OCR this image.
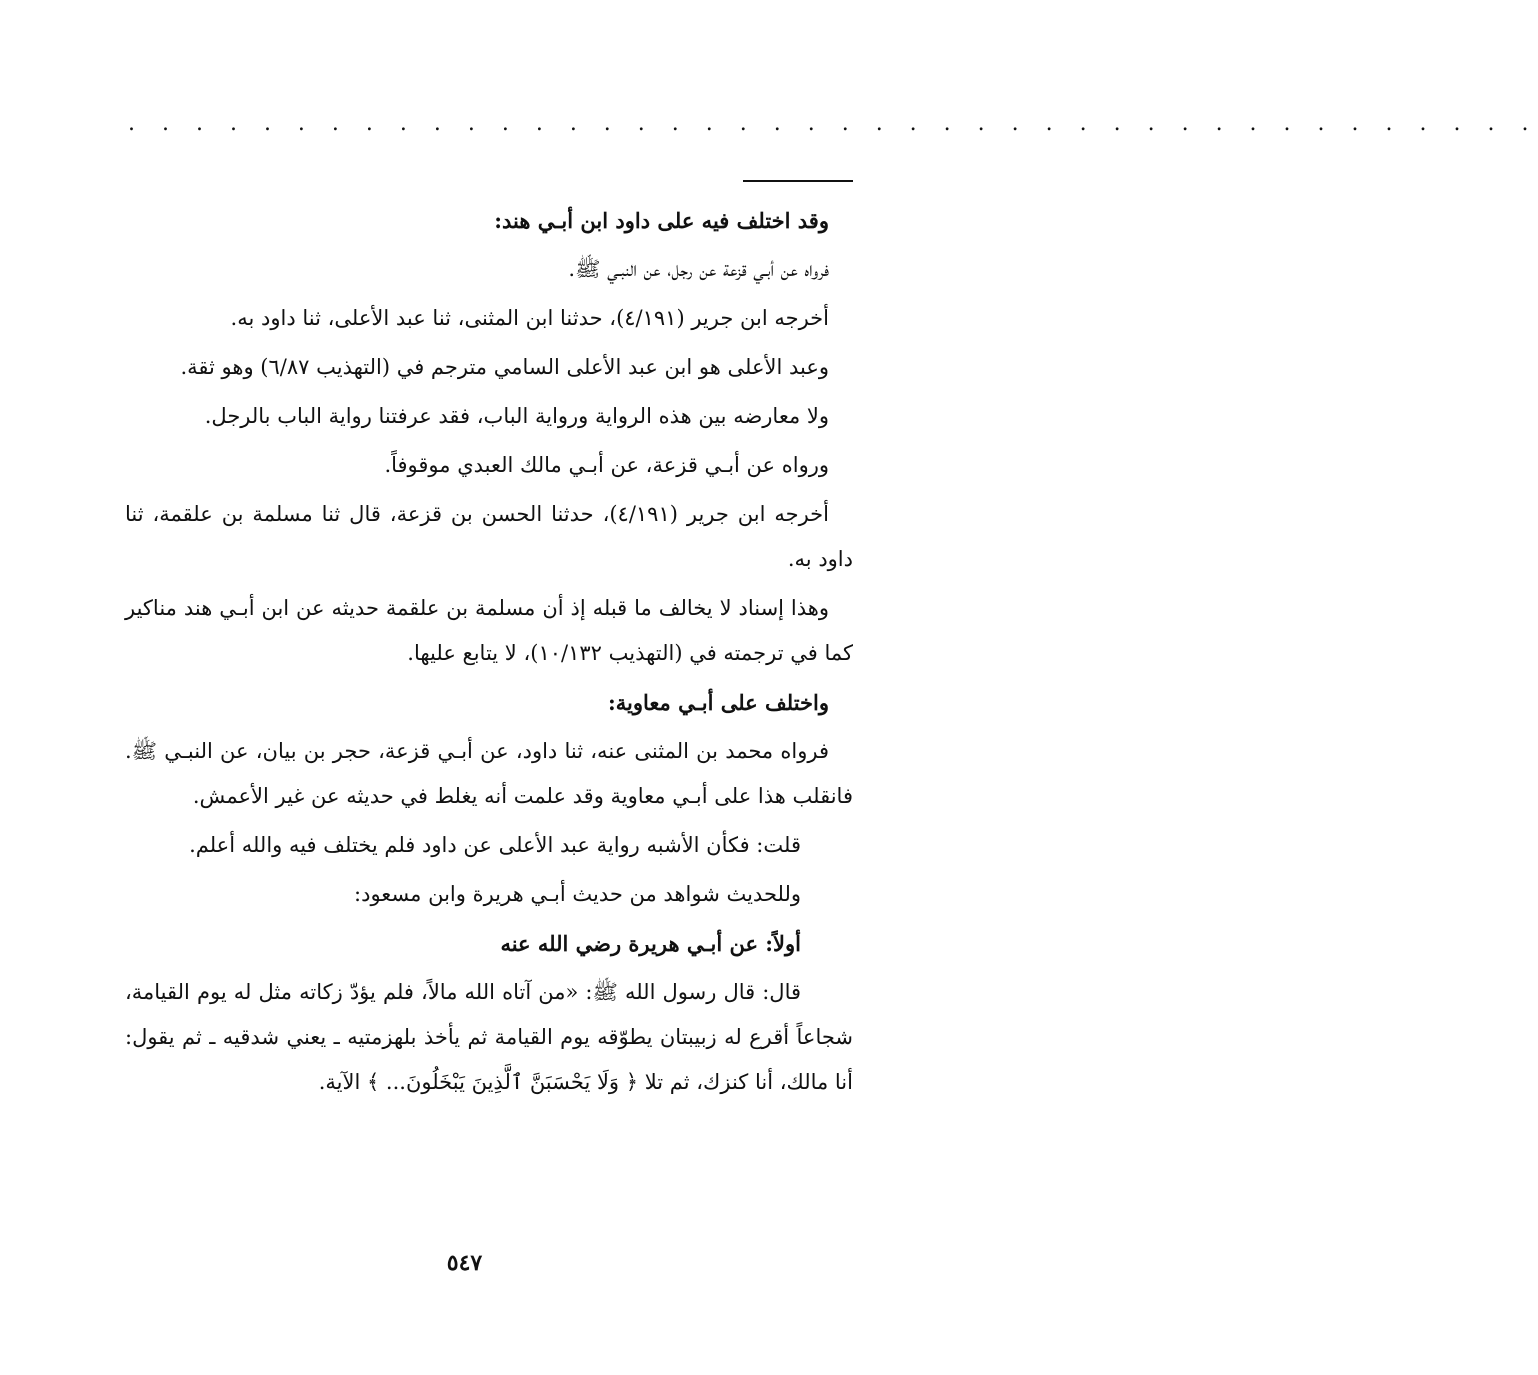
. . . . . . . . . . . . . . . . . . . . . . . . . . . . . . . . . . . . . . . . . .

وقد اختلف فيه على داود ابن أبـي هند:

فرواه عن أبـي قزعة عن رجل، عن النبـي ﷺ.

أخرجه ابن جرير (٤/١٩١)، حدثنا ابن المثنى، ثنا عبد الأعلى، ثنا داود به.

وعبد الأعلى هو ابن عبد الأعلى السامي مترجم في (التهذيب ٦/٨٧) وهو ثقة.

ولا معارضه بين هذه الرواية ورواية الباب، فقد عرفتنا رواية الباب بالرجل.

ورواه عن أبـي قزعة، عن أبـي مالك العبدي موقوفاً.

أخرجه ابن جرير (٤/١٩١)، حدثنا الحسن بن قزعة، قال ثنا مسلمة بن علقمة، ثنا داود به.

وهذا إسناد لا يخالف ما قبله إذ أن مسلمة بن علقمة حديثه عن ابن أبـي هند مناكير كما في ترجمته في (التهذيب ١٠/١٣٢)، لا يتابع عليها.

واختلف على أبـي معاوية:

فرواه محمد بن المثنى عنه، ثنا داود، عن أبـي قزعة، حجر بن بيان، عن النبـي ﷺ. فانقلب هذا على أبـي معاوية وقد علمت أنه يغلط في حديثه عن غير الأعمش.

قلت: فكأن الأشبه رواية عبد الأعلى عن داود فلم يختلف فيه والله أعلم.

وللحديث شواهد من حديث أبـي هريرة وابن مسعود:

أولاً: عن أبـي هريرة رضي الله عنه

قال: قال رسول الله ﷺ: «من آتاه الله مالاً، فلم يؤدّ زكاته مثل له يوم القيامة، شجاعاً أقرع له زبيبتان يطوّقه يوم القيامة ثم يأخذ بلهزمتيه ـ يعني شدقيه ـ ثم يقول: أنا مالك، أنا كنزك، ثم تلا ﴿ وَلَا يَحْسَبَنَّ ٱلَّذِينَ يَبْخَلُونَ... ﴾ الآية.

٥٤٧
